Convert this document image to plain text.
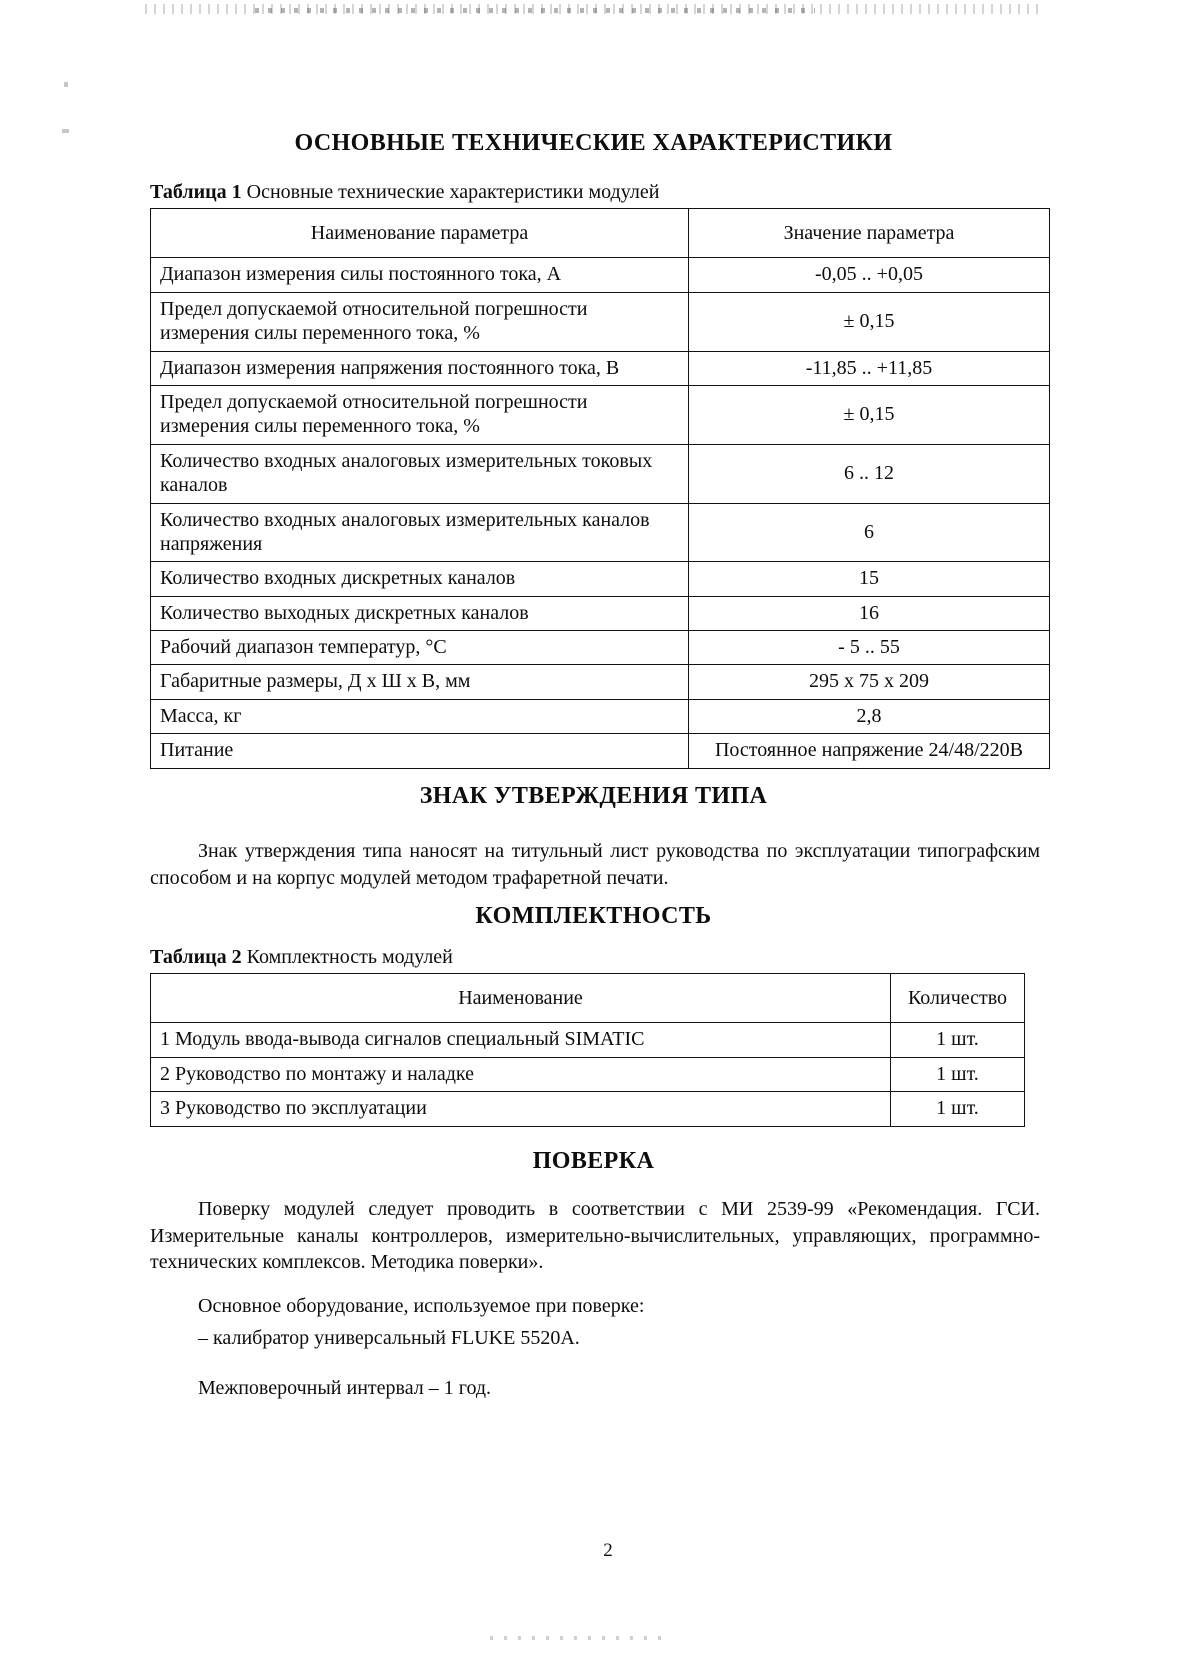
ОСНОВНЫЕ ТЕХНИЧЕСКИЕ ХАРАКТЕРИСТИКИ
Таблица 1 Основные технические характеристики модулей
Наименование параметра	Значение параметра
Диапазон измерения силы постоянного тока, А	-0,05 .. +0,05
Предел допускаемой относительной погрешности измерения силы переменного тока, %	± 0,15
Диапазон измерения напряжения постоянного тока, В	-11,85 .. +11,85
Предел допускаемой относительной погрешности измерения силы переменного тока, %	± 0,15
Количество входных аналоговых измерительных токовых каналов	6 .. 12
Количество входных аналоговых измерительных каналов напряжения	6
Количество входных дискретных каналов	15
Количество выходных дискретных каналов	16
Рабочий диапазон температур, °С	- 5 .. 55
Габаритные размеры, Д х Ш х В, мм	295 х 75 х 209
Масса, кг	2,8
Питание	Постоянное напряжение 24/48/220В
ЗНАК УТВЕРЖДЕНИЯ ТИПА

Знак утверждения типа наносят на титульный лист руководства по эксплуатации типографским способом и на корпус модулей методом трафаретной печати.

КОМПЛЕКТНОСТЬ
Таблица 2 Комплектность модулей
Наименование	Количество
1 Модуль ввода-вывода сигналов специальный SIMATIC	1 шт.
2 Руководство по монтажу и наладке	1 шт.
3 Руководство по эксплуатации	1 шт.
ПОВЕРКА

Поверку модулей следует проводить в соответствии с МИ 2539-99 «Рекомендация. ГСИ. Измерительные каналы контроллеров, измерительно-вычислительных, управляющих, программно-технических комплексов. Методика поверки».

Основное оборудование, используемое при поверке:

– калибратор универсальный FLUKE 5520A.

Межповерочный интервал – 1 год.

2
